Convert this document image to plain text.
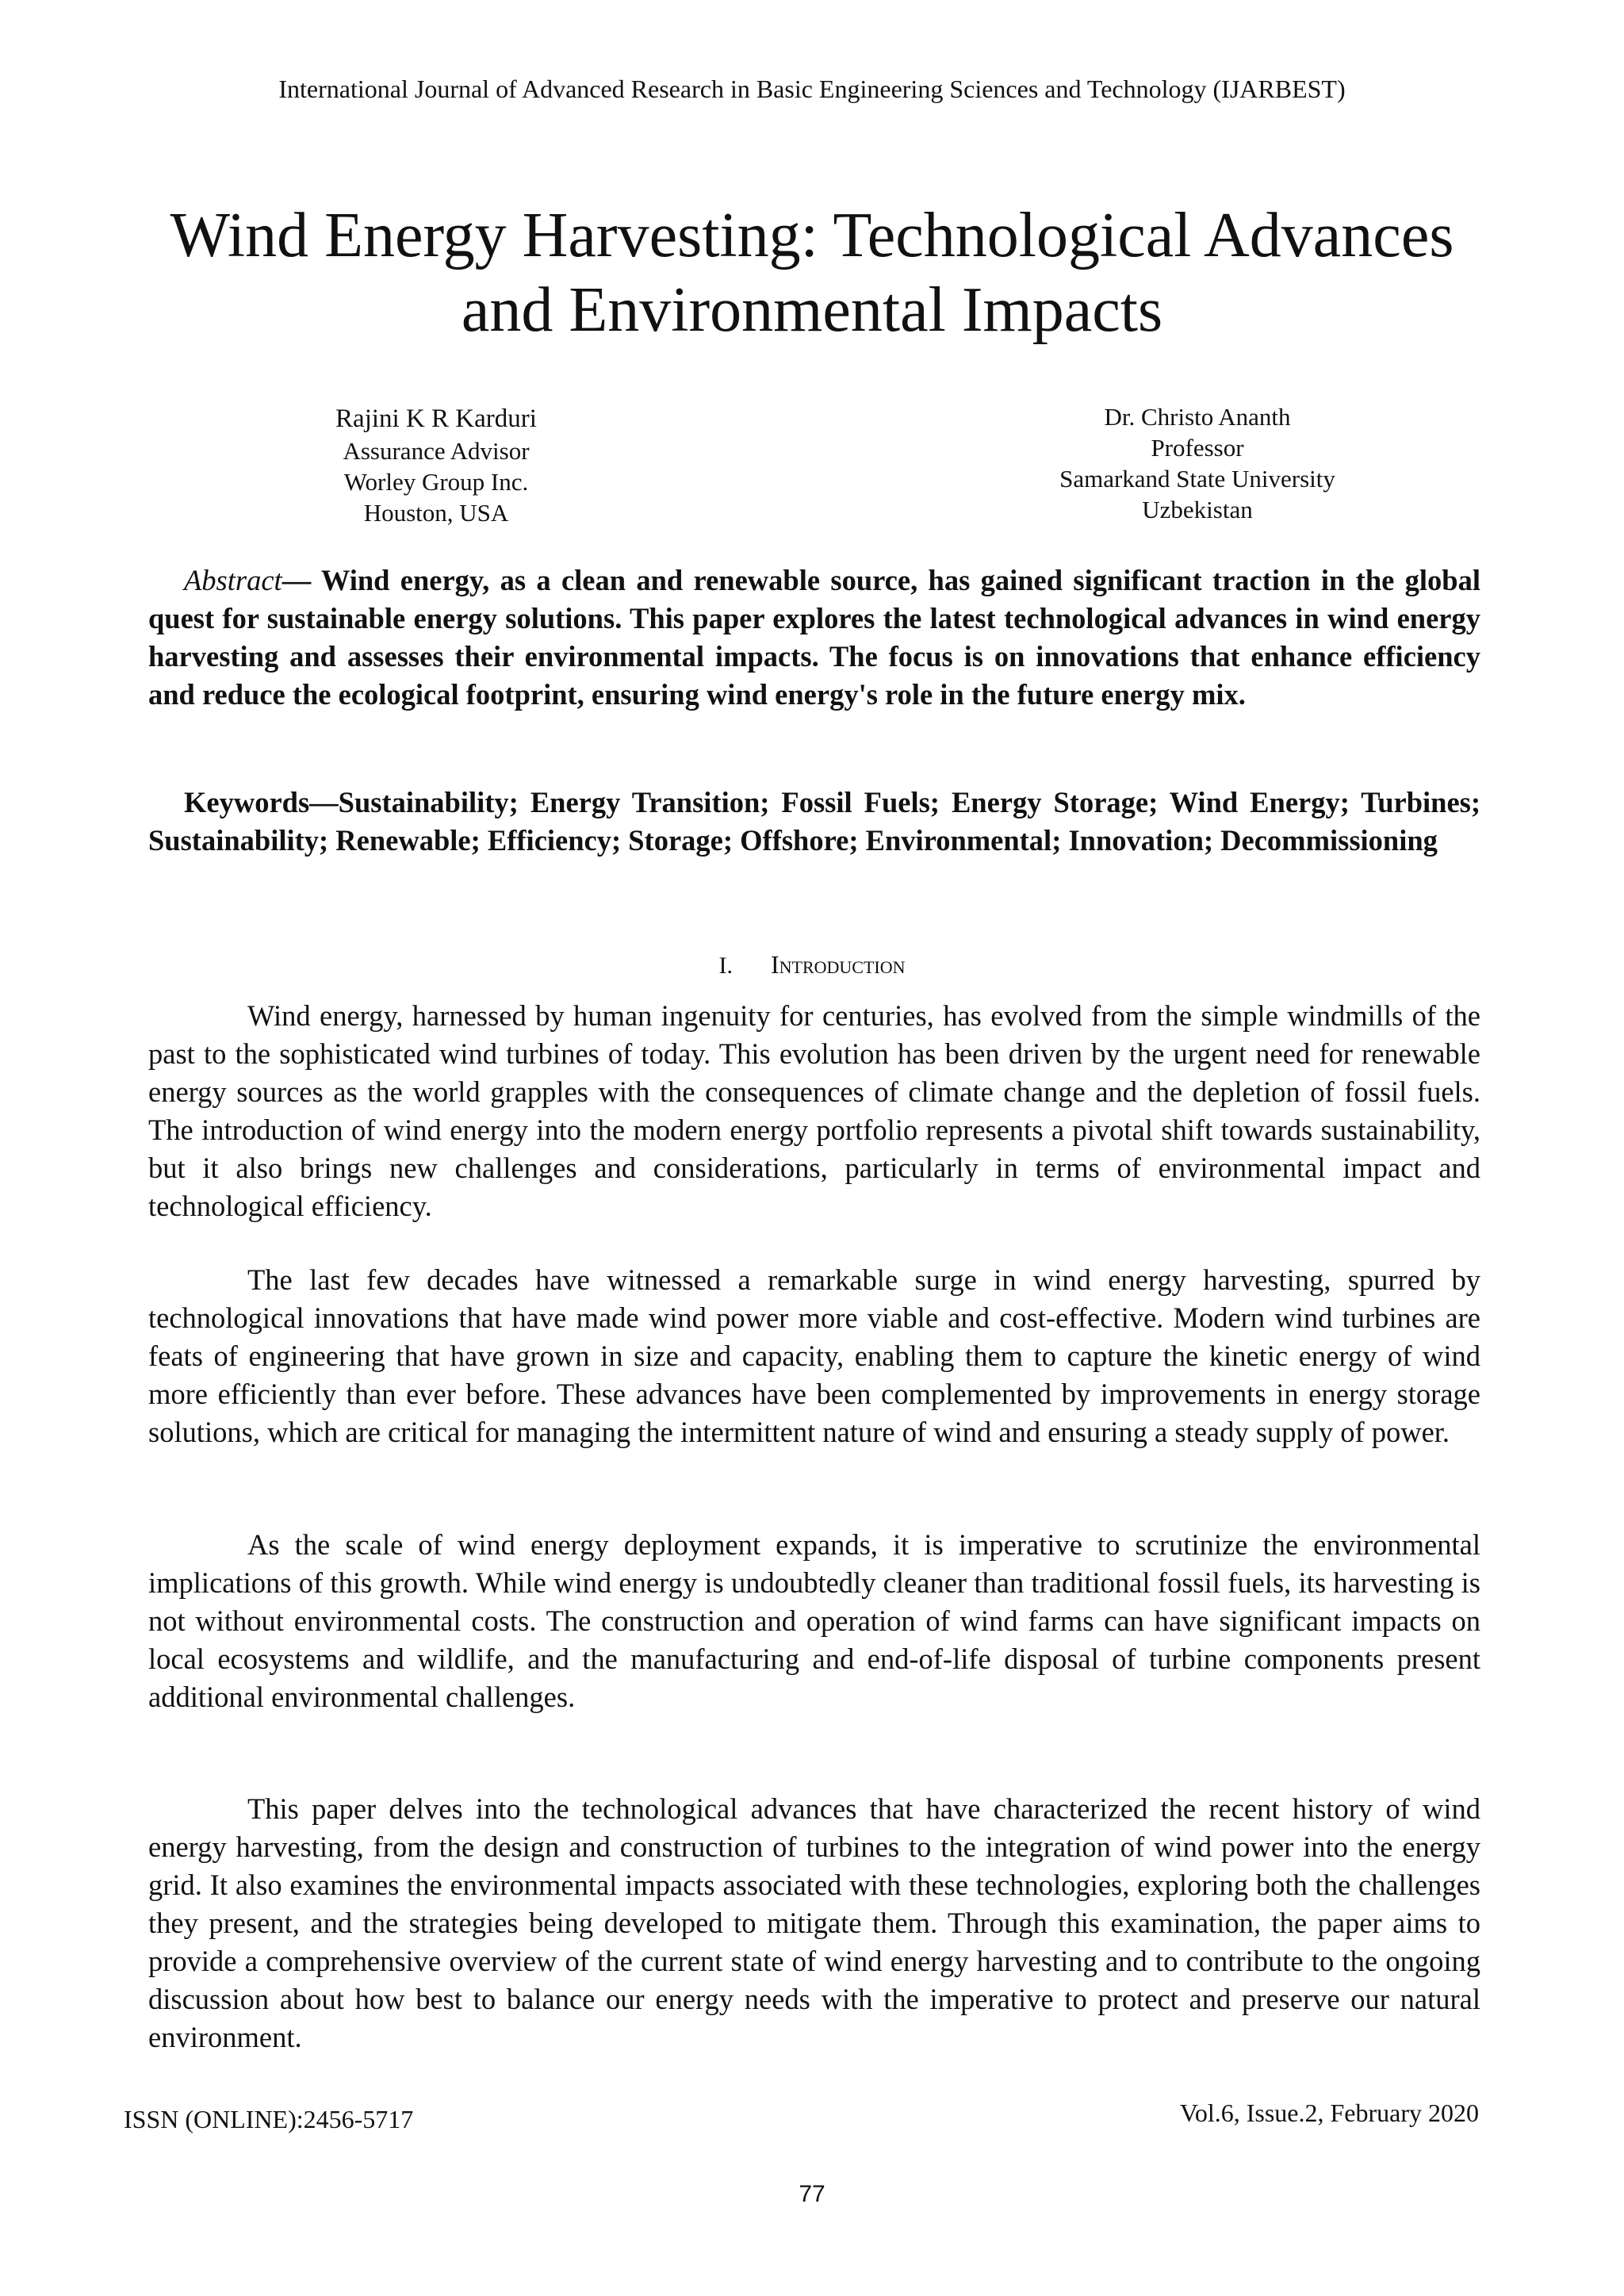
International Journal of Advanced Research in Basic Engineering Sciences and Technology (IJARBEST)
Wind Energy Harvesting: Technological Advances and Environmental Impacts
Rajini K R Karduri
Assurance Advisor
Worley Group Inc.
Houston, USA
Dr. Christo Ananth
Professor
Samarkand State University
Uzbekistan

Abstract— Wind energy, as a clean and renewable source, has gained significant traction in the global quest for sustainable energy solutions. This paper explores the latest technological advances in wind energy harvesting and assesses their environmental impacts. The focus is on innovations that enhance efficiency and reduce the ecological footprint, ensuring wind energy's role in the future energy mix.

Keywords—Sustainability; Energy Transition; Fossil Fuels; Energy Storage; Wind Energy; Turbines; Sustainability; Renewable; Efficiency; Storage; Offshore; Environmental; Innovation; Decommissioning

I. Introduction

Wind energy, harnessed by human ingenuity for centuries, has evolved from the simple windmills of the past to the sophisticated wind turbines of today. This evolution has been driven by the urgent need for renewable energy sources as the world grapples with the consequences of climate change and the depletion of fossil fuels. The introduction of wind energy into the modern energy portfolio represents a pivotal shift towards sustainability, but it also brings new challenges and considerations, particularly in terms of environmental impact and technological efficiency.

The last few decades have witnessed a remarkable surge in wind energy harvesting, spurred by technological innovations that have made wind power more viable and cost-effective. Modern wind turbines are feats of engineering that have grown in size and capacity, enabling them to capture the kinetic energy of wind more efficiently than ever before. These advances have been complemented by improvements in energy storage solutions, which are critical for managing the intermittent nature of wind and ensuring a steady supply of power.

As the scale of wind energy deployment expands, it is imperative to scrutinize the environmental implications of this growth. While wind energy is undoubtedly cleaner than traditional fossil fuels, its harvesting is not without environmental costs. The construction and operation of wind farms can have significant impacts on local ecosystems and wildlife, and the manufacturing and end-of-life disposal of turbine components present additional environmental challenges.

This paper delves into the technological advances that have characterized the recent history of wind energy harvesting, from the design and construction of turbines to the integration of wind power into the energy grid. It also examines the environmental impacts associated with these technologies, exploring both the challenges they present, and the strategies being developed to mitigate them. Through this examination, the paper aims to provide a comprehensive overview of the current state of wind energy harvesting and to contribute to the ongoing discussion about how best to balance our energy needs with the imperative to protect and preserve our natural environment.

ISSN (ONLINE):2456-5717	Vol.6, Issue.2, February 2020
77
